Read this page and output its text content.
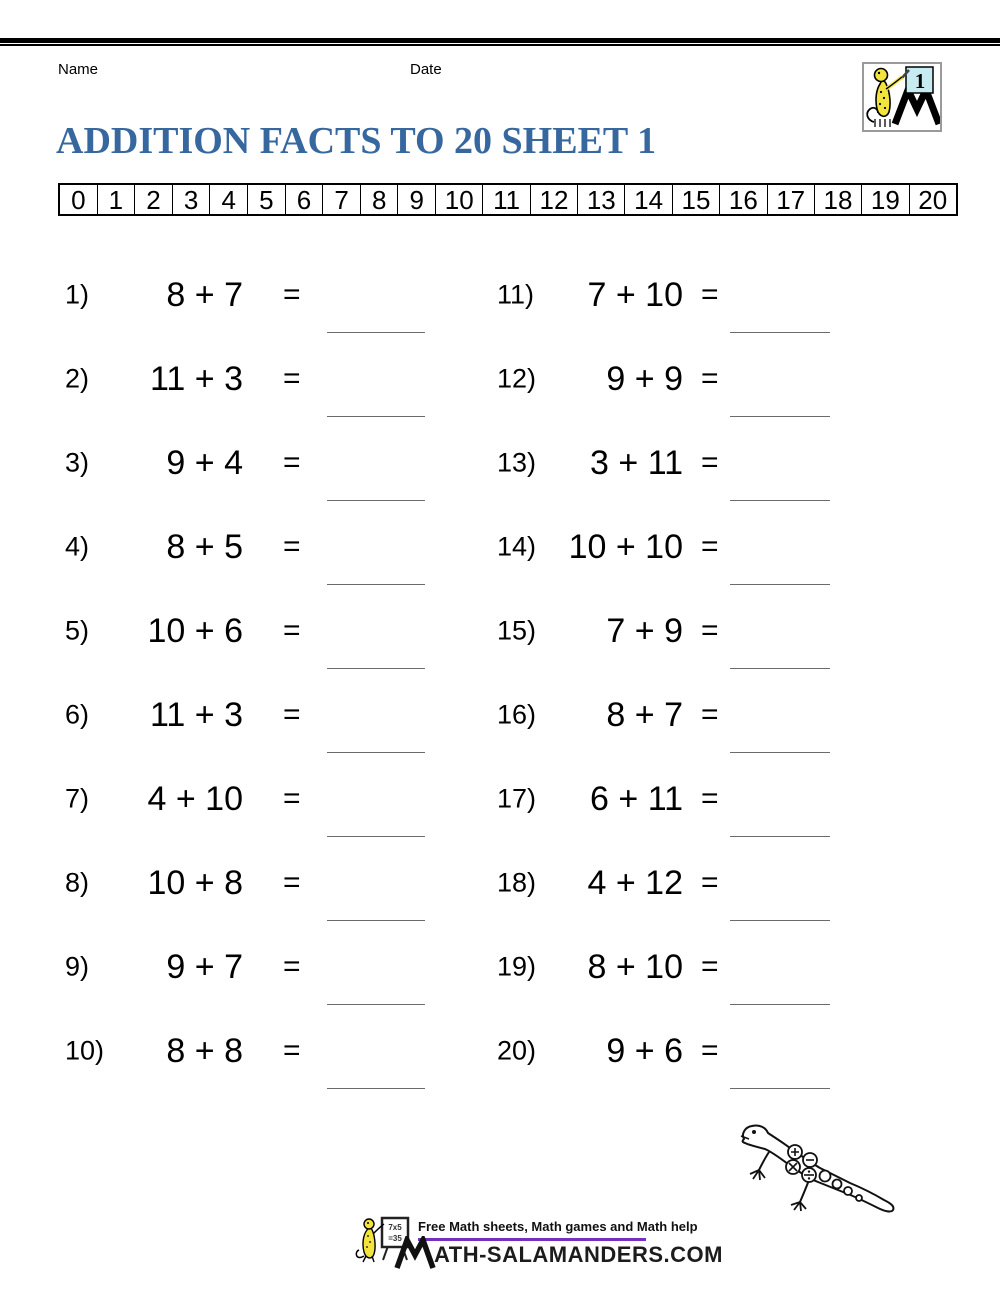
Name	Date	1
ADDITION FACTS TO 20 SHEET 1
0 1 2 3 4 5 6 7 8 9 10 11 12 13 14 15 16 17 18 19 20
1)	8 + 7 =
2)	11 + 3 =
3)	9 + 4 =
4)	8 + 5 =
5)	10 + 6 =
6)	11 + 3 =
7)	4 + 10 =
8)	10 + 8 =
9)	9 + 7 =
10)	8 + 8 =
11)	7 + 10 =
12)	9 + 9 =
13)	3 + 11 =
14) 10 + 10 =
15)	7 + 9 =
16)	8 + 7 =
17)	6 + 11 =
18)	4 + 12 =
19)	8 + 10 =
20)	9 + 6 =
7x5
=35
Free Math sheets, Math games and Math help
ATH-SALAMANDERS.COM
